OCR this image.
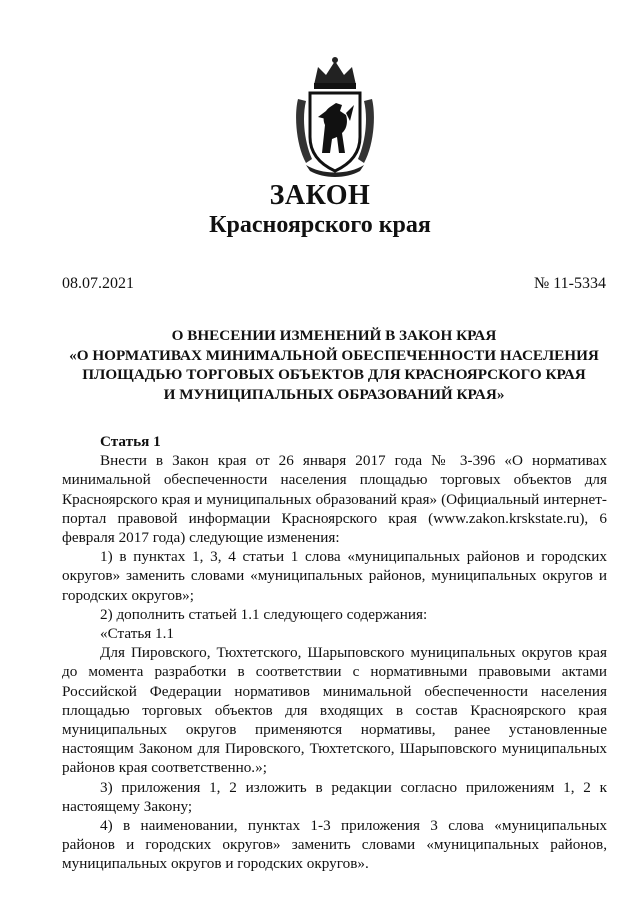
ЗАКОН
Красноярского края
08.07.2021	№ 11-5334
О ВНЕСЕНИИ ИЗМЕНЕНИЙ В ЗАКОН КРАЯ
«О НОРМАТИВАХ МИНИМАЛЬНОЙ ОБЕСПЕЧЕННОСТИ НАСЕЛЕНИЯ
ПЛОЩАДЬЮ ТОРГОВЫХ ОБЪЕКТОВ ДЛЯ КРАСНОЯРСКОГО КРАЯ
И МУНИЦИПАЛЬНЫХ ОБРАЗОВАНИЙ КРАЯ»

Статья 1

Внести в Закон края от 26 января 2017 года № 3-396 «О нормативах минимальной обеспеченности населения площадью торговых объектов для Красноярского края и муниципальных образований края» (Официальный интернет-портал правовой информации Красноярского края (www.zakon.krskstate.ru), 6 февраля 2017 года) следующие изменения:

1) в пунктах 1, 3, 4 статьи 1 слова «муниципальных районов и городских округов» заменить словами «муниципальных районов, муниципальных округов и городских округов»;

2) дополнить статьей 1.1 следующего содержания:

«Статья 1.1

Для Пировского, Тюхтетского, Шарыповского муниципальных округов края до момента разработки в соответствии с нормативными правовыми актами Российской Федерации нормативов минимальной обеспеченности населения площадью торговых объектов для входящих в состав Красноярского края муниципальных округов применяются нормативы, ранее установленные настоящим Законом для Пировского, Тюхтетского, Шарыповского муниципальных районов края соответственно.»;

3) приложения 1, 2 изложить в редакции согласно приложениям 1, 2 к настоящему Закону;

4) в наименовании, пунктах 1-3 приложения 3 слова «муниципальных районов и городских округов» заменить словами «муниципальных районов, муниципальных округов и городских округов».
